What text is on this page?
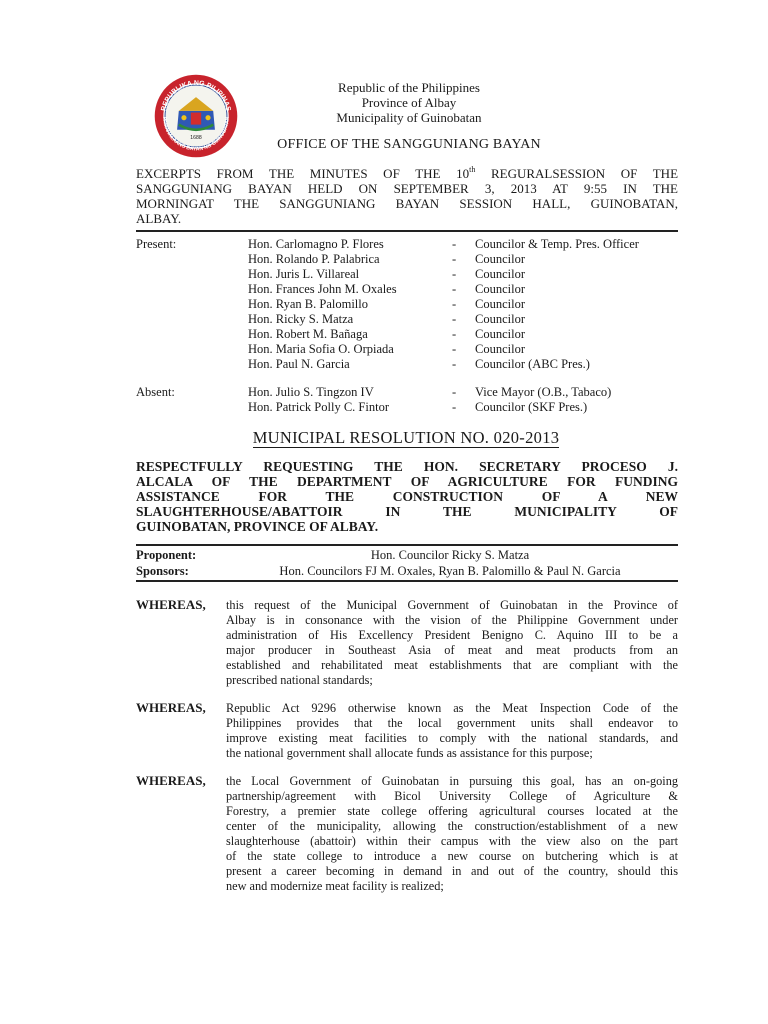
REPUBLIKA NG PILIPINAS
PAMAHALAANG BAYAN NG GUINOBATAN
1688
Republic of the Philippines
Province of Albay
Municipality of Guinobatan
OFFICE OF THE SANGGUNIANG BAYAN
EXCERPTS FROM THE MINUTES OF THE 10th REGURALSESSION OF THE
SANGGUNIANG BAYAN HELD ON SEPTEMBER 3, 2013 AT 9:55 IN THE
MORNINGAT THE SANGGUNIANG BAYAN SESSION HALL, GUINOBATAN,
ALBAY.
Present:	Hon. Carlomagno P. Flores	- Councilor & Temp. Pres. Officer
Hon. Rolando P. Palabrica	- Councilor
Hon. Juris L. Villareal	- Councilor
Hon. Frances John M. Oxales	- Councilor
Hon. Ryan B. Palomillo	- Councilor
Hon. Ricky S. Matza	- Councilor
Hon. Robert M. Bañaga	- Councilor
Hon. Maria Sofia O. Orpiada	- Councilor
Hon. Paul N. Garcia	- Councilor (ABC Pres.)
Absent:	Hon. Julio S. Tingzon IV	- Vice Mayor (O.B., Tabaco)
Hon. Patrick Polly C. Fintor	- Councilor (SKF Pres.)
MUNICIPAL RESOLUTION NO. 020-2013
RESPECTFULLY REQUESTING THE HON. SECRETARY PROCESO J.
ALCALA OF THE DEPARTMENT OF AGRICULTURE FOR FUNDING
ASSISTANCE FOR THE CONSTRUCTION OF A NEW
SLAUGHTERHOUSE/ABATTOIR IN THE MUNICIPALITY OF
GUINOBATAN, PROVINCE OF ALBAY.
Proponent:	Hon. Councilor Ricky S. Matza
Sponsors:	Hon. Councilors FJ M. Oxales, Ryan B. Palomillo & Paul N. Garcia
WHEREAS, this request of the Municipal Government of Guinobatan in the Province of
Albay is in consonance with the vision of the Philippine Government under
administration of His Excellency President Benigno C. Aquino III to be a
major producer in Southeast Asia of meat and meat products from an
established and rehabilitated meat establishments that are compliant with the
prescribed national standards;
WHEREAS, Republic Act 9296 otherwise known as the Meat Inspection Code of the
Philippines provides that the local government units shall endeavor to
improve existing meat facilities to comply with the national standards, and
the national government shall allocate funds as assistance for this purpose;
WHEREAS, the Local Government of Guinobatan in pursuing this goal, has an on-going
partnership/agreement with Bicol University College of Agriculture &
Forestry, a premier state college offering agricultural courses located at the
center of the municipality, allowing the construction/establishment of a new
slaughterhouse (abattoir) within their campus with the view also on the part
of the state college to introduce a new course on butchering which is at
present a career becoming in demand in and out of the country, should this
new and modernize meat facility is realized;
